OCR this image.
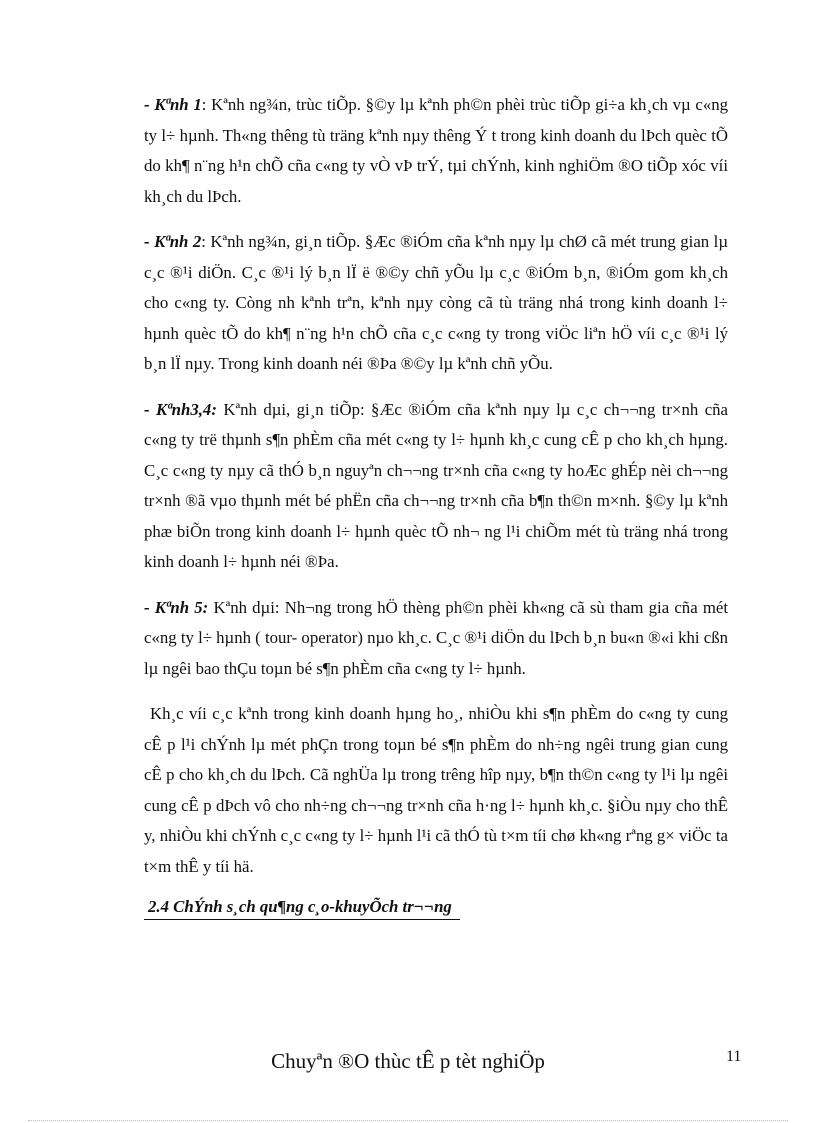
- Kªnh 1: Kªnh ng¾n, trùc tiÕp. §©y lµ kªnh ph©n phèi trùc tiÕp gi÷a kh¸ch vµ c«ng ty l÷ hµnh. Th«ng thêng tù träng kªnh nµy thêng Ý t trong kinh doanh du lÞch quèc tÕ do kh¶ n¨ng h¹n chÕ cña c«ng ty vÒ vÞ trÝ, tµi chÝnh, kinh nghiÖm ®O tiÕp xóc víi kh¸ch du lÞch.

- Kªnh 2: Kªnh ng¾n, gi¸n tiÕp. §Æc ®iÓm cña kªnh nµy lµ chØ cã mét trung gian lµ c¸c ®¹i diÖn. C¸c ®¹i lý b¸n lÏ ë ®©y chñ yÕu lµ c¸c ®iÓm b¸n, ®iÓm gom kh¸ch cho c«ng ty. Còng nh kªnh trªn, kªnh nµy còng cã tù träng nhá trong kinh doanh l÷ hµnh quèc tÕ do kh¶ n¨ng h¹n chÕ cña c¸c c«ng ty trong viÖc liªn hÖ víi c¸c ®¹i lý b¸n lÏ nµy. Trong kinh doanh néi ®Þa ®©y lµ kªnh chñ yÕu.

- Kªnh3,4: Kªnh dµi, gi¸n tiÕp: §Æc ®iÓm cña kªnh nµy lµ c¸c ch¬¬ng tr×nh cña c«ng ty trë thµnh s¶n phÈm cña mét c«ng ty l÷ hµnh kh¸c cung cÊ p cho kh¸ch hµng. C¸c c«ng ty nµy cã thÓ b¸n nguyªn ch¬¬ng tr×nh cña c«ng ty hoÆc ghÉp nèi ch¬¬ng tr×nh ®ã vµo thµnh mét bé phËn cña ch¬¬ng tr×nh cña b¶n th©n m×nh. §©y lµ kªnh phæ biÕn trong kinh doanh l÷ hµnh quèc tÕ nh¬ ng l¹i chiÕm mét tù träng nhá trong kinh doanh l÷ hµnh néi ®Þa.

- Kªnh 5: Kªnh dµi: Nh¬ng trong hÖ thèng ph©n phèi kh«ng cã sù tham gia cña mét c«ng ty l÷ hµnh ( tour- operator) nµo kh¸c. C¸c ®¹i diÖn du lÞch b¸n bu«n ®«i khi cßn lµ ngêi bao thÇu toµn bé s¶n phÈm cña c«ng ty l÷ hµnh.

Kh¸c víi c¸c kªnh trong kinh doanh hµng ho¸, nhiÒu khi s¶n phÈm do c«ng ty cung cÊ p l¹i chÝnh lµ mét phÇn trong toµn bé s¶n phÈm do nh÷ng ngêi trung gian cung cÊ p cho kh¸ch du lÞch. Cã nghÜa lµ trong trêng hîp nµy, b¶n th©n c«ng ty l¹i lµ ngêi cung cÊ p dÞch vô cho nh÷ng ch¬¬ng tr×nh cña h·ng l÷ hµnh kh¸c. §iÒu nµy cho thÊ y, nhiÒu khi chÝnh c¸c c«ng ty l÷ hµnh l¹i cã thÓ tù t×m tíi chø kh«ng rªng g× viÖc ta t×m thÊ y tíi hä.

2.4 ChÝnh s¸ch qu¶ng c¸o-khuyÕch tr¬¬ng
Chuyªn ®O thùc tÊ p tèt nghiÖp	11
